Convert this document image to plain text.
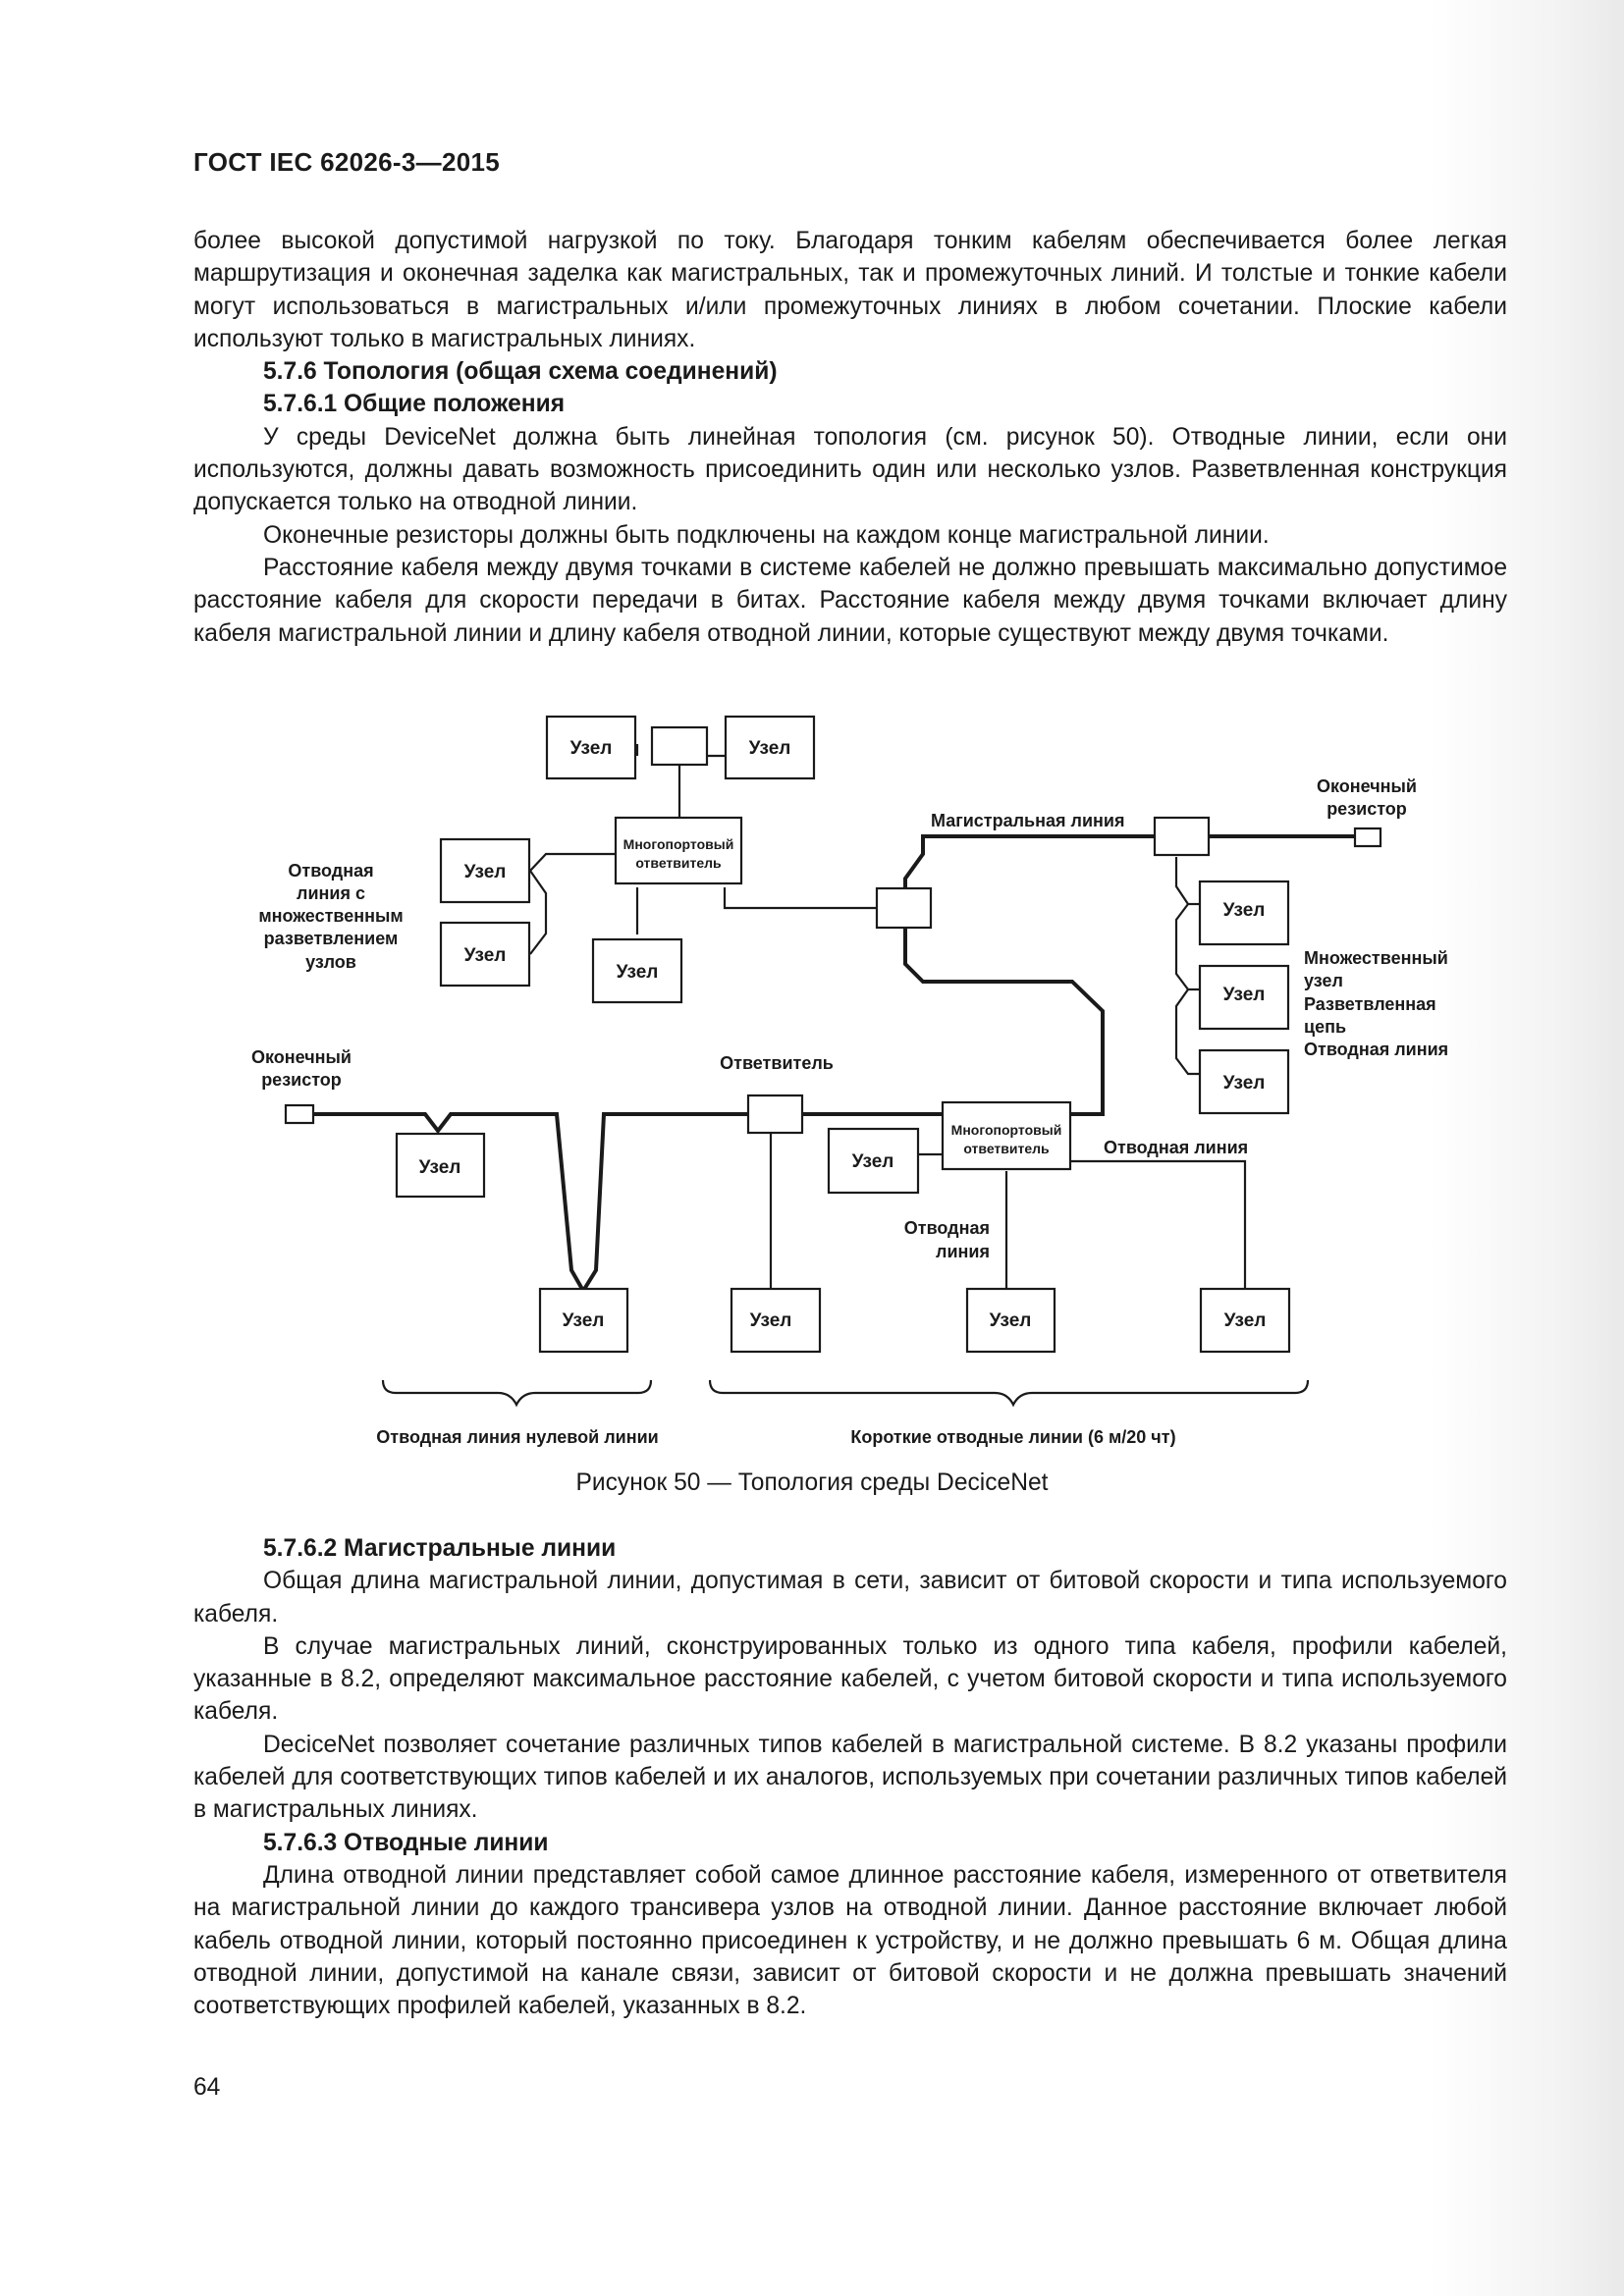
ГОСТ IEC 62026-3—2015

более высокой допустимой нагрузкой по току. Благодаря тонким кабелям обеспечивается более легкая маршрутизация и оконечная заделка как магистральных, так и промежуточных линий. И толстые и тонкие кабели могут использоваться в магистральных и/или промежуточных линиях в любом сочетании. Плоские кабели используют только в магистральных линиях.

5.7.6 Топология (общая схема соединений)

5.7.6.1 Общие положения

У среды DeviceNet должна быть линейная топология (см. рисунок 50). Отводные линии, если они используются, должны давать возможность присоединить один или несколько узлов. Разветвленная конструкция допускается только на отводной линии.

Оконечные резисторы должны быть подключены на каждом конце магистральной линии.

Расстояние кабеля между двумя точками в системе кабелей не должно превышать максимально допустимое расстояние кабеля для скорости передачи в битах. Расстояние кабеля между двумя точками включает длину кабеля магистральной линии и длину кабеля отводной линии, которые существуют между двумя точками.

Узел	Узел
Узел
Узел
Узел
Узел
Узел
Узел
Узел	Узел
Узел	Узел	Узел	Узел
Многопортовый
ответвитель
Многопортовый
ответвитель
Магистральная линия
Оконечный
резистор
Оконечный
резистор
Отводная
линия с
множественным
разветвлением
узлов	Множественный
узел
Разветвленная
цепь
Отводная линия
Ответвитель
Отводная линия
Отводная
линия
Отводная линия нулевой линии	Короткие отводные линии (6 м/20 чт)
Рисунок 50 — Топология среды DeciceNet

5.7.6.2 Магистральные линии

Общая длина магистральной линии, допустимая в сети, зависит от битовой скорости и типа используемого кабеля.

В случае магистральных линий, сконструированных только из одного типа кабеля, профили кабелей, указанные в 8.2, определяют максимальное расстояние кабелей, с учетом битовой скорости и типа используемого кабеля.

DeciceNet позволяет сочетание различных типов кабелей в магистральной системе. В 8.2 указаны профили кабелей для соответствующих типов кабелей и их аналогов, используемых при сочетании различных типов кабелей в магистральных линиях.

5.7.6.3 Отводные линии

Длина отводной линии представляет собой самое длинное расстояние кабеля, измеренного от ответвителя на магистральной линии до каждого трансивера узлов на отводной линии. Данное расстояние включает любой кабель отводной линии, который постоянно присоединен к устройству, и не должно превышать 6 м. Общая длина отводной линии, допустимой на канале связи, зависит от битовой скорости и не должна превышать значений соответствующих профилей кабелей, указанных в 8.2.

64
